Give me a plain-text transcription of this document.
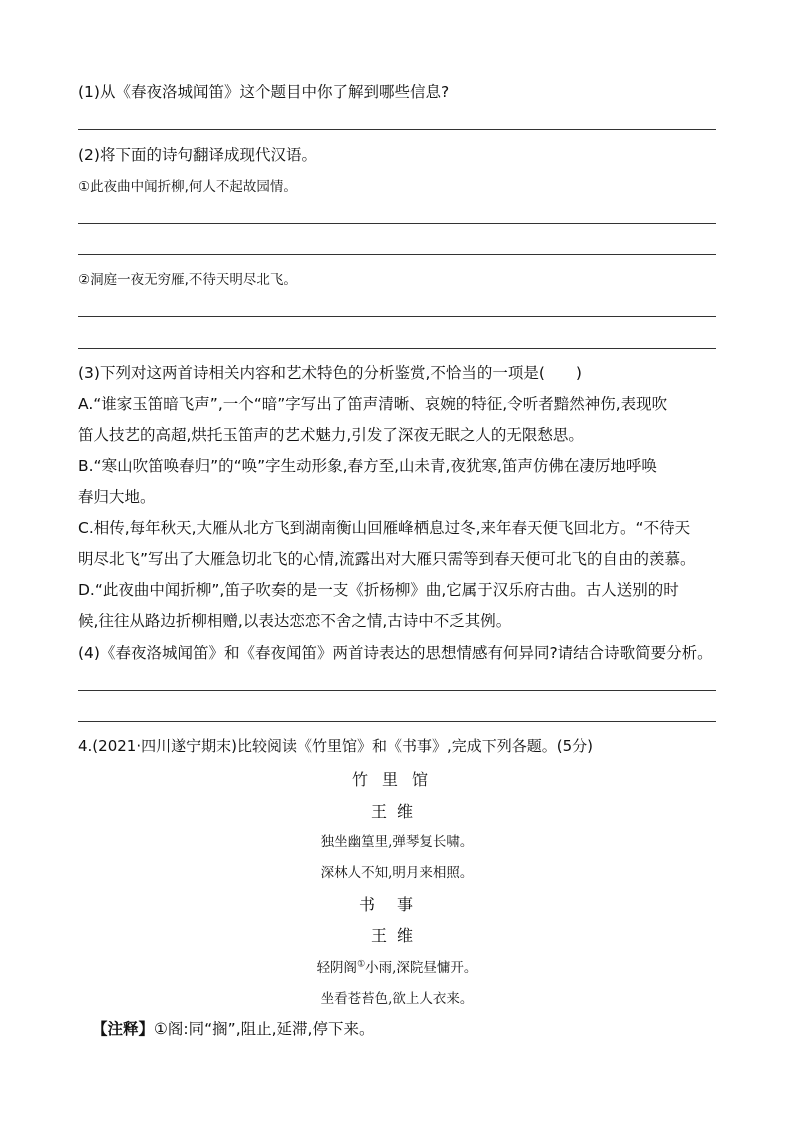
(1)从《春夜洛城闻笛》这个题目中你了解到哪些信息?
(2)将下面的诗句翻译成现代汉语。
①此夜曲中闻折柳,何人不起故园情。
②洞庭一夜无穷雁,不待天明尽北飞。
(3)下列对这两首诗相关内容和艺术特色的分析鉴赏,不恰当的一项是(　　)
A.“谁家玉笛暗飞声”,一个“暗”字写出了笛声清晰、哀婉的特征,令听者黯然神伤,表现吹
笛人技艺的高超,烘托玉笛声的艺术魅力,引发了深夜无眠之人的无限愁思。
B.“寒山吹笛唤春归”的“唤”字生动形象,春方至,山未青,夜犹寒,笛声仿佛在凄厉地呼唤
春归大地。
C.相传,每年秋天,大雁从北方飞到湖南衡山回雁峰栖息过冬,来年春天便飞回北方。“不待天
明尽北飞”写出了大雁急切北飞的心情,流露出对大雁只需等到春天便可北飞的自由的羡慕。
D.“此夜曲中闻折柳”,笛子吹奏的是一支《折杨柳》曲,它属于汉乐府古曲。古人送别的时
候,往往从路边折柳相赠,以表达恋恋不舍之情,古诗中不乏其例。
(4)《春夜洛城闻笛》和《春夜闻笛》两首诗表达的思想情感有何异同?请结合诗歌简要分析。
4.(2021·四川遂宁期末)比较阅读《竹里馆》和《书事》,完成下列各题。(5分)
竹里馆
王维
独坐幽篁里,弹琴复长啸。
深林人不知,明月来相照。
书事
王维
轻阴阁①小雨,深院昼慵开。
坐看苍苔色,欲上人衣来。
【注释】①阁:同“搁”,阻止,延滞,停下来。
